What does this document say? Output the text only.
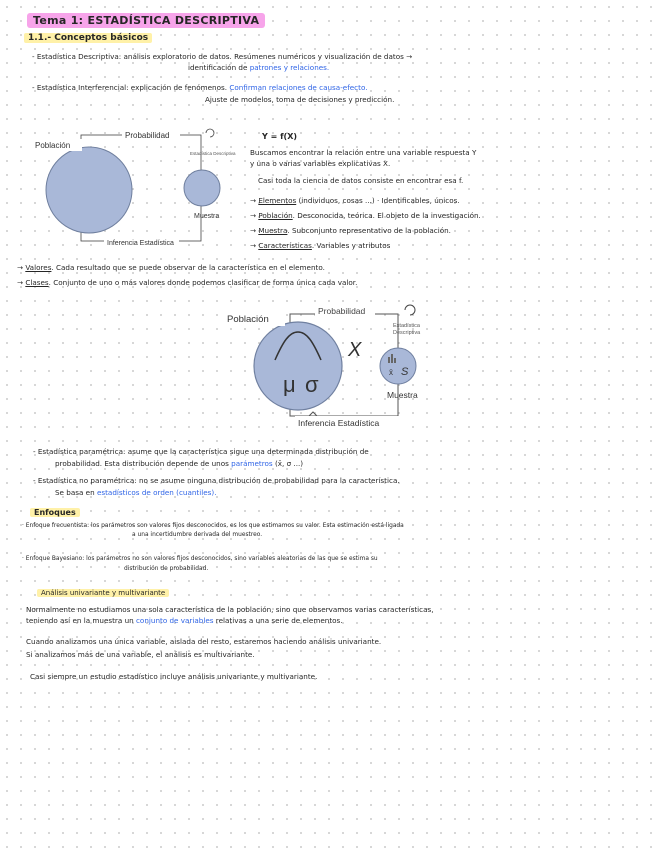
Tema 1: ESTADÍSTICA DESCRIPTIVA
1.1.- Conceptos básicos
- Estadística Descriptiva: análisis exploratorio de datos. Resúmenes numéricos y visualización de datos →
identificación de patrones y relaciones.
- Estadística Interferencial: explicación de fenómenos. Confirman relaciones de causa-efecto.
Ajuste de modelos, toma de decisiones y predicción.
Población
Probabilidad
Estadística Descriptiva
Muestra
Inferencia Estadística
Y = f(X)
Buscamos encontrar la relación entre una variable respuesta Y
y una o varias variables explicativas X.
Casi toda la ciencia de datos consiste en encontrar esa f.
→ Elementos (individuos, cosas ...) · Identificables, únicos.
→ Población. Desconocida, teórica. El objeto de la investigación.
→ Muestra. Subconjunto representativo de la población.
→ Características. Variables y atributos
→ Valores. Cada resultado que se puede observar de la característica en el elemento.
→ Clases. Conjunto de uno o más valores donde podemos clasificar de forma única cada valor.
μ σ
X
x̄ S
Población
Probabilidad
Estadística
Descriptiva
Muestra
Inferencia Estadística
- Estadística paramétrica: asume que la característica sigue una determinada distribución de
probabilidad. Esta distribución depende de unos parámetros (x̄, σ ...)
- Estadística no paramétrica: no se asume ninguna distribución de probabilidad para la característica.
Se basa en estadísticos de orden (cuantiles).
Enfoques
· Enfoque frecuentista: los parámetros son valores fijos desconocidos, es los que estimamos su valor. Esta estimación está ligada
a una incertidumbre derivada del muestreo.
· Enfoque Bayesiano: los parámetros no son valores fijos desconocidos, sino variables aleatorias de las que se estima su
distribución de probabilidad.
Análisis univariante y multivariante
Normalmente no estudiamos una sola característica de la población, sino que observamos varias características,
teniendo así en la muestra un conjunto de variables relativas a una serie de elementos.
Cuando analizamos una única variable, aislada del resto, estaremos haciendo análisis univariante.
Si analizamos más de una variable, el análisis es multivariante.
Casi siempre un estudio estadístico incluye análisis univariante y multivariante.
